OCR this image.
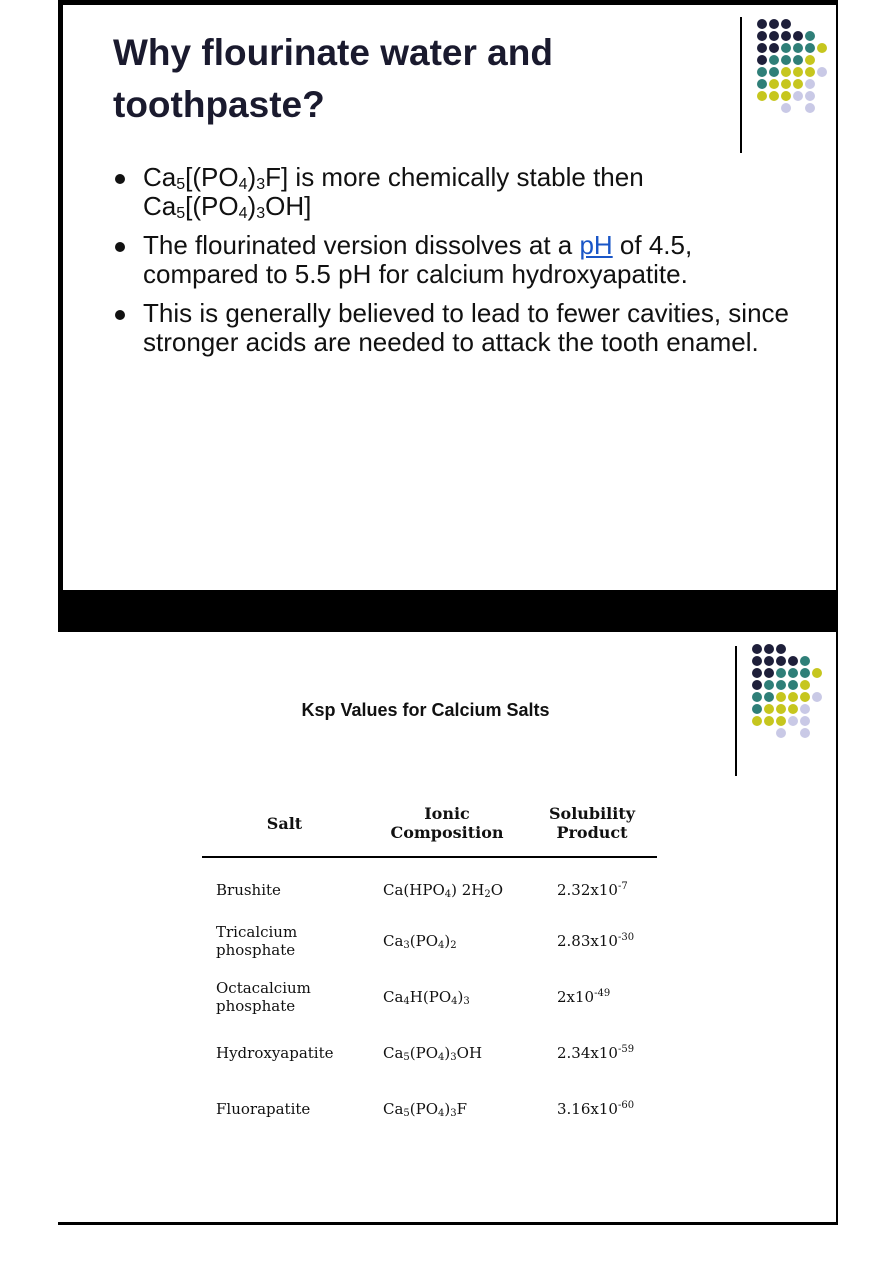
Why flourinate water and toothpaste?
$Ca_5[(PO_4)_3F]$ is more chemically stable then
$Ca_5[(PO_4)_3OH]$
The flourinated version dissolves at a pH of 4.5, compared to 5.5 pH for calcium hydroxyapatite.
This is generally believed to lead to fewer cavities, since stronger acids are needed to attack the tooth enamel.
Ksp Values for Calcium Salts
Salt	Ionic Composition	Solubility Product
Brushite	$Ca(HPO_4)$ $2H_2O$	$2.32x10^{-7}$
Tricalcium phosphate	$Ca_3(PO_4)_2$	$2.83x10^{-30}$
Octacalcium phosphate	$Ca_4H(PO_4)_3$	$2x10^{-49}$
Hydroxyapatite	$Ca_5(PO_4)_3OH$	$2.34x10^{-59}$
Fluorapatite	$Ca_5(PO_4)_3F$	$3.16x10^{-60}$
